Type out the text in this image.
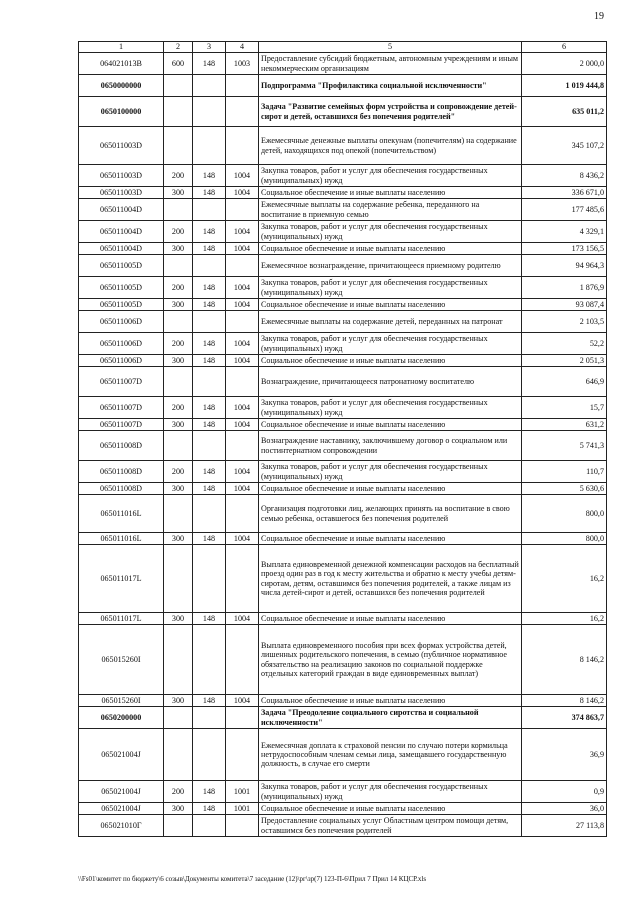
19
1	2	3	4	5	6
064021013В	600	148	1003	Предоставление субсидий бюджетным, автономным учреждениям и иным некоммерческим организациям	2 000,0
0650000000				Подпрограмма "Профилактика социальной исключенности"	1 019 444,8
0650100000				Задача "Развитие семейных форм устройства и сопровождение детей-сирот и детей, оставшихся без попечения родителей"	635 011,2
065011003D				Ежемесячные денежные выплаты опекунам (попечителям) на содержание детей, находящихся под опекой (попечительством)	345 107,2
065011003D	200	148	1004	Закупка товаров, работ и услуг для обеспечения государственных (муниципальных) нужд	8 436,2
065011003D	300	148	1004	Социальное обеспечение и иные выплаты населению	336 671,0
065011004D				Ежемесячные выплаты на содержание ребенка, переданного на воспитание в приемную семью	177 485,6
065011004D	200	148	1004	Закупка товаров, работ и услуг для обеспечения государственных (муниципальных) нужд	4 329,1
065011004D	300	148	1004	Социальное обеспечение и иные выплаты населению	173 156,5
065011005D				Ежемесячное вознаграждение, причитающееся приемному родителю	94 964,3
065011005D	200	148	1004	Закупка товаров, работ и услуг для обеспечения государственных (муниципальных) нужд	1 876,9
065011005D	300	148	1004	Социальное обеспечение и иные выплаты населению	93 087,4
065011006D				Ежемесячные выплаты на содержание детей, переданных на патронат	2 103,5
065011006D	200	148	1004	Закупка товаров, работ и услуг для обеспечения государственных (муниципальных) нужд	52,2
065011006D	300	148	1004	Социальное обеспечение и иные выплаты населению	2 051,3
065011007D				Вознаграждение, причитающееся патронатному воспитателю	646,9
065011007D	200	148	1004	Закупка товаров, работ и услуг для обеспечения государственных (муниципальных) нужд	15,7
065011007D	300	148	1004	Социальное обеспечение и иные выплаты населению	631,2
065011008D				Вознаграждение наставнику, заключившему договор о социальном или постинтернатном сопровождении	5 741,3
065011008D	200	148	1004	Закупка товаров, работ и услуг для обеспечения государственных (муниципальных) нужд	110,7
065011008D	300	148	1004	Социальное обеспечение и иные выплаты населению	5 630,6
065011016L				Организация подготовки лиц, желающих принять на воспитание в свою семью ребенка, оставшегося без попечения родителей	800,0
065011016L	300	148	1004	Социальное обеспечение и иные выплаты населению	800,0
065011017L				Выплата единовременной денежной компенсации расходов на бесплатный проезд один раз в год к месту жительства и обратно к месту учебы детям-сиротам, детям, оставшимся без попечения родителей, а также лицам из числа детей-сирот и детей, оставшихся без попечения родителей	16,2
065011017L	300	148	1004	Социальное обеспечение и иные выплаты населению	16,2
065015260I				Выплата единовременного пособия при всех формах устройства детей, лишенных родительского попечения, в семью (публичное нормативное обязательство на реализацию законов по социальной поддержке отдельных категорий граждан в виде единовременных выплат)	8 146,2
065015260I	300	148	1004	Социальное обеспечение и иные выплаты населению	8 146,2
0650200000				Задача "Преодоление социального сиротства и социальной исключенности"	374 863,7
065021004J				Ежемесячная доплата к страховой пенсии по случаю потери кормильца нетрудоспособным членам семьи лица, замещавшего государственную должность, в случае его смерти	36,9
065021004J	200	148	1001	Закупка товаров, работ и услуг для обеспечения государственных (муниципальных) нужд	0,9
065021004J	300	148	1001	Социальное обеспечение и иные выплаты населению	36,0
065021010Г				Предоставление социальных услуг Областным центром помощи детям, оставшимся без попечения родителей	27 113,8
\\Fs01\комитет по бюджету\6 созыв\Документы комитета\7 заседание (12)\рг\зр(7) 123-П-6\Прил 7 Прил 14 КЦСР.xls
